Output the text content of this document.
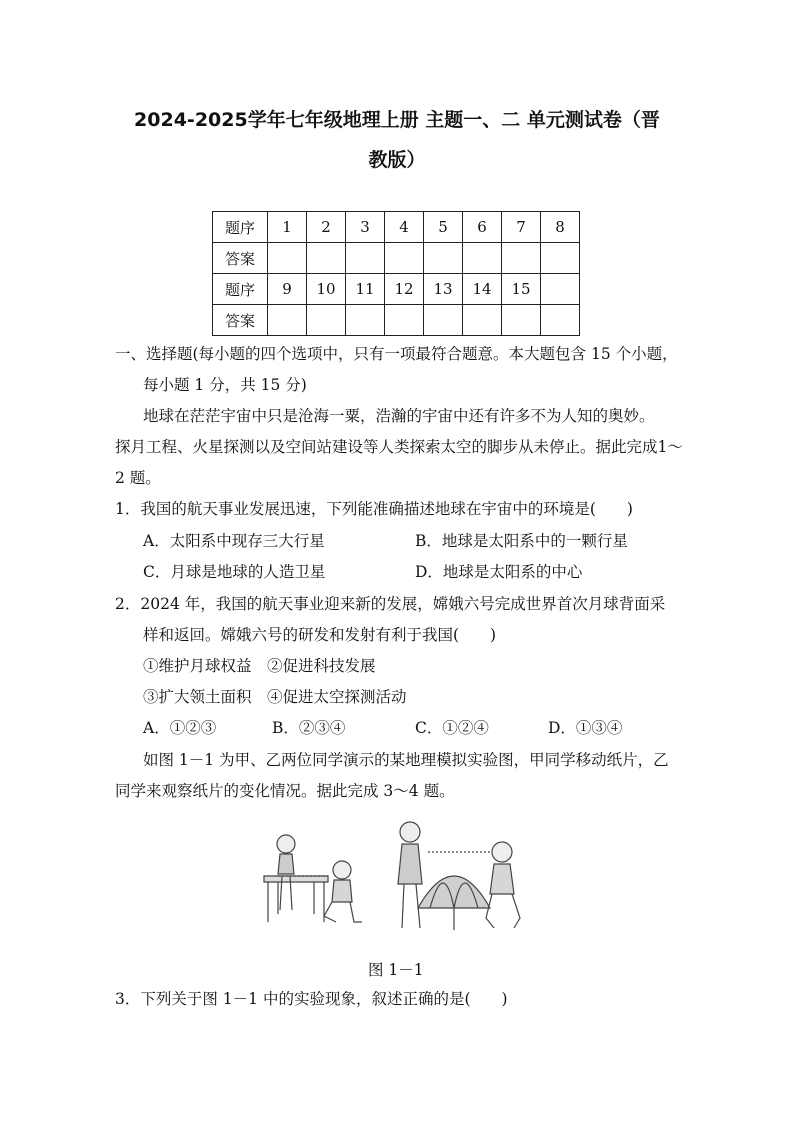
2024-2025学年七年级地理上册 主题一、二 单元测试卷（晋
教版）
题序	1	2	3	4	5	6	7	8
答案								
题序	9	10	11	12	13	14	15	
答案								
一、选择题(每小题的四个选项中，只有一项最符合题意。本大题包含 15 个小题，
每小题 1 分，共 15 分)
地球在茫茫宇宙中只是沧海一粟，浩瀚的宇宙中还有许多不为人知的奥妙。
探月工程、火星探测以及空间站建设等人类探索太空的脚步从未停止。据此完成1～
2 题。
1．我国的航天事业发展迅速，下列能准确描述地球在宇宙中的环境是(　　)
A．太阳系中现存三大行星	B．地球是太阳系中的一颗行星
C．月球是地球的人造卫星	D．地球是太阳系的中心
2．2024 年，我国的航天事业迎来新的发展，嫦娥六号完成世界首次月球背面采
样和返回。嫦娥六号的研发和发射有利于我国(　　)
①维护月球权益　②促进科技发展
③扩大领土面积　④促进太空探测活动
A．①②③	B．②③④	C．①②④	D．①③④
如图 1－1 为甲、乙两位同学演示的某地理模拟实验图，甲同学移动纸片，乙
同学来观察纸片的变化情况。据此完成 3～4 题。
图 1－1
3．下列关于图 1－1 中的实验现象，叙述正确的是(　　)
